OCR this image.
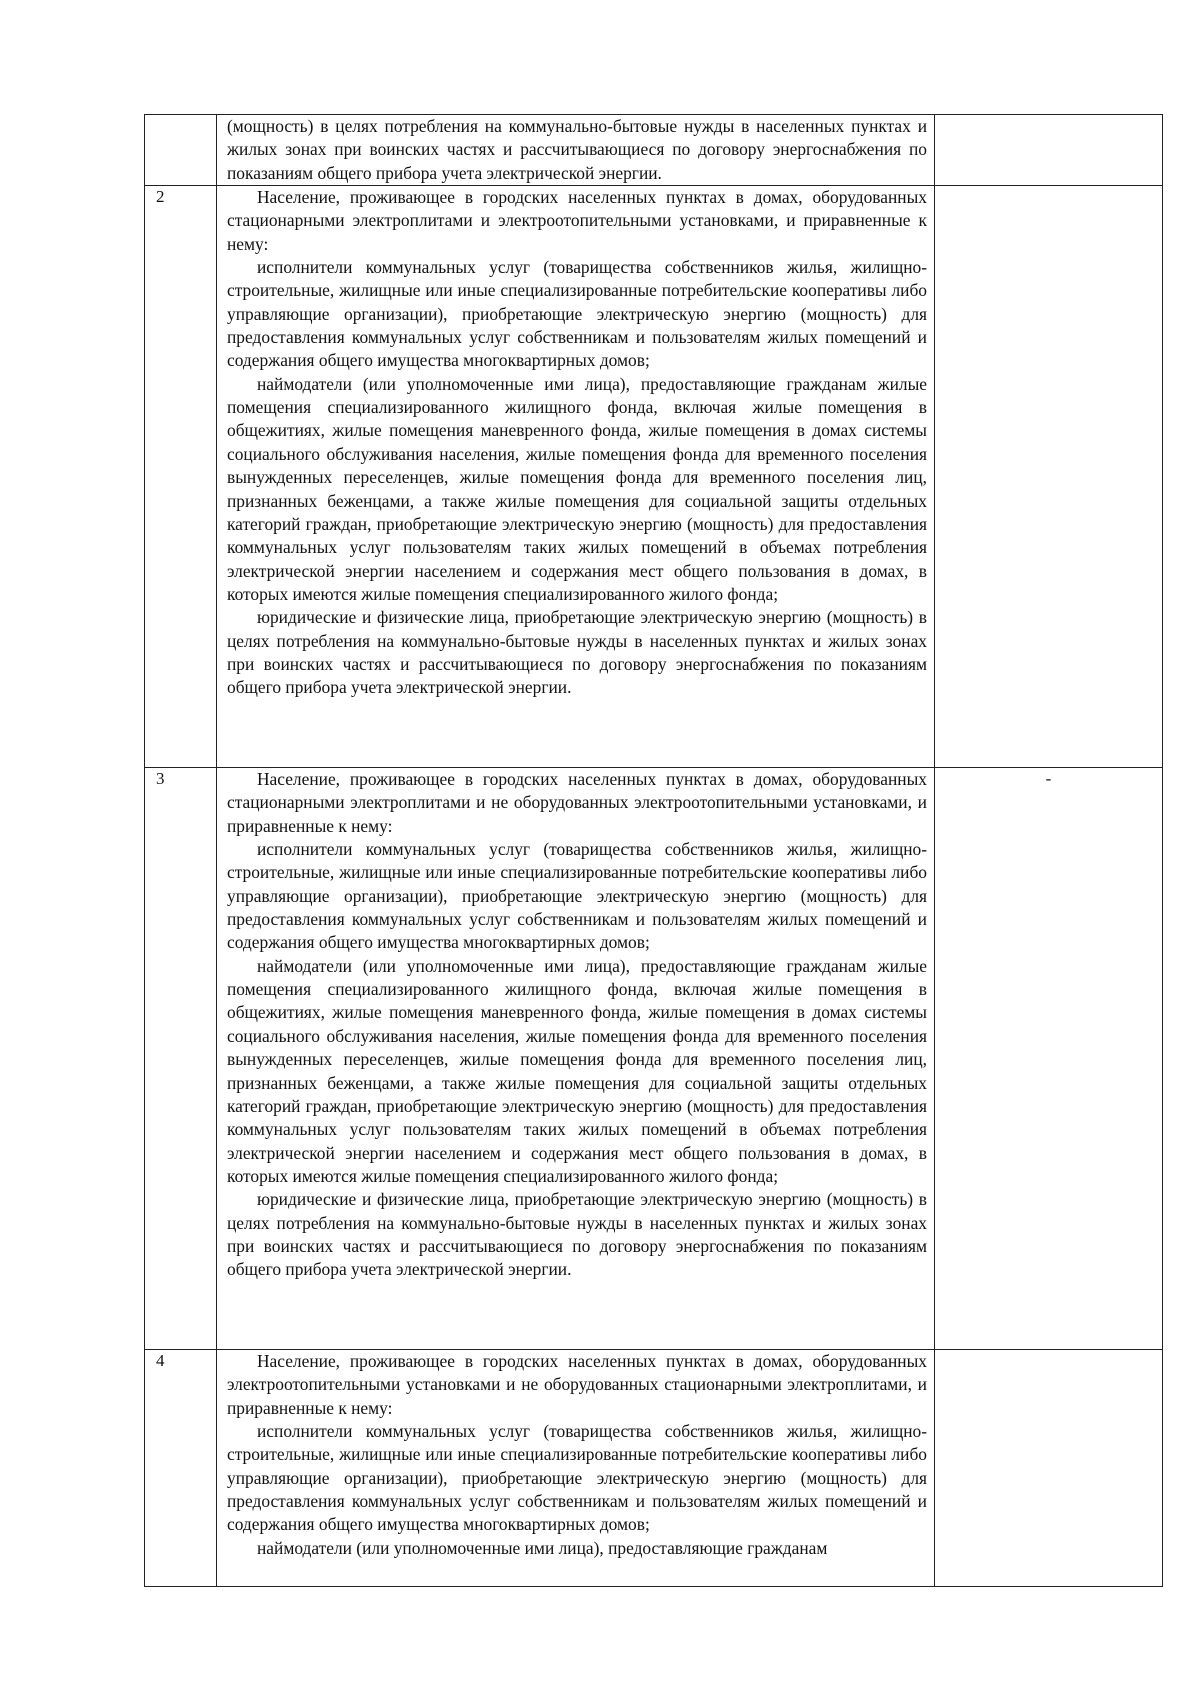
	(мощность) в целях потребления на коммунально-бытовые нужды в населенных пунктах и жилых зонах при воинских частях и рассчитывающиеся по договору энергоснабжения по показаниям общего прибора учета электрической энергии.	

2	Население, проживающее в городских населенных пунктах в домах, оборудованных стационарными электроплитами и электроотопительными установками, и приравненные к нему:

исполнители коммунальных услуг (товарищества собственников жилья, жилищно-строительные, жилищные или иные специализированные потребительские кооперативы либо управляющие организации), приобретающие электрическую энергию (мощность) для предоставления коммунальных услуг собственникам и пользователям жилых помещений и содержания общего имущества многоквартирных домов;

наймодатели (или уполномоченные ими лица), предоставляющие гражданам жилые помещения специализированного жилищного фонда, включая жилые помещения в общежитиях, жилые помещения маневренного фонда, жилые помещения в домах системы социального обслуживания населения, жилые помещения фонда для временного поселения вынужденных переселенцев, жилые помещения фонда для временного поселения лиц, признанных беженцами, а также жилые помещения для социальной защиты отдельных категорий граждан, приобретающие электрическую энергию (мощность) для предоставления коммунальных услуг пользователям таких жилых помещений в объемах потребления электрической энергии населением и содержания мест общего пользования в домах, в которых имеются жилые помещения специализированного жилого фонда;

юридические и физические лица, приобретающие электрическую энергию (мощность) в целях потребления на коммунально-бытовые нужды в населенных пунктах и жилых зонах при воинских частях и рассчитывающиеся по договору энергоснабжения по показаниям общего прибора учета электрической энергии.	

3	Население, проживающее в городских населенных пунктах в домах, оборудованных стационарными электроплитами и не оборудованных электроотопительными установками, и приравненные к нему:

исполнители коммунальных услуг (товарищества собственников жилья, жилищно-строительные, жилищные или иные специализированные потребительские кооперативы либо управляющие организации), приобретающие электрическую энергию (мощность) для предоставления коммунальных услуг собственникам и пользователям жилых помещений и содержания общего имущества многоквартирных домов;

наймодатели (или уполномоченные ими лица), предоставляющие гражданам жилые помещения специализированного жилищного фонда, включая жилые помещения в общежитиях, жилые помещения маневренного фонда, жилые помещения в домах системы социального обслуживания населения, жилые помещения фонда для временного поселения вынужденных переселенцев, жилые помещения фонда для временного поселения лиц, признанных беженцами, а также жилые помещения для социальной защиты отдельных категорий граждан, приобретающие электрическую энергию (мощность) для предоставления коммунальных услуг пользователям таких жилых помещений в объемах потребления электрической энергии населением и содержания мест общего пользования в домах, в которых имеются жилые помещения специализированного жилого фонда;

юридические и физические лица, приобретающие электрическую энергию (мощность) в целях потребления на коммунально-бытовые нужды в населенных пунктах и жилых зонах при воинских частях и рассчитывающиеся по договору энергоснабжения по показаниям общего прибора учета электрической энергии.	-
4	Население, проживающее в городских населенных пунктах в домах, оборудованных электроотопительными установками и не оборудованных стационарными электроплитами, и приравненные к нему:

исполнители коммунальных услуг (товарищества собственников жилья, жилищно-строительные, жилищные или иные специализированные потребительские кооперативы либо управляющие организации), приобретающие электрическую энергию (мощность) для предоставления коммунальных услуг собственникам и пользователям жилых помещений и содержания общего имущества многоквартирных домов;

наймодатели (или уполномоченные ими лица), предоставляющие гражданам	
